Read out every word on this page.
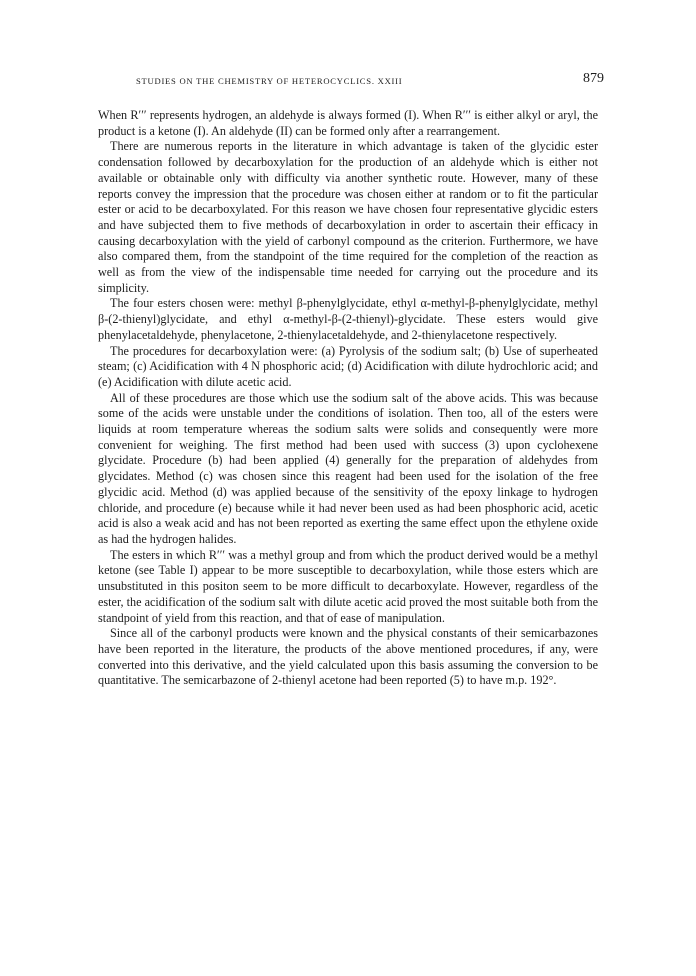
STUDIES ON THE CHEMISTRY OF HETEROCYCLICS. XXIII	879

When R′′′ represents hydrogen, an aldehyde is always formed (I). When R′′′ is either alkyl or aryl, the product is a ketone (I). An aldehyde (II) can be formed only after a rearrangement.

There are numerous reports in the literature in which advantage is taken of the glycidic ester condensation followed by decarboxylation for the production of an aldehyde which is either not available or obtainable only with difficulty via another synthetic route. However, many of these reports convey the impression that the procedure was chosen either at random or to fit the particular ester or acid to be decarboxylated. For this reason we have chosen four representative glycidic esters and have subjected them to five methods of decarboxylation in order to ascertain their efficacy in causing decarboxylation with the yield of carbonyl compound as the criterion. Furthermore, we have also compared them, from the standpoint of the time required for the completion of the reaction as well as from the view of the indispensable time needed for carrying out the procedure and its simplicity.

The four esters chosen were: methyl β-phenylglycidate, ethyl α-methyl-β-phenylglycidate, methyl β-(2-thienyl)glycidate, and ethyl α-methyl-β-(2-thienyl)-glycidate. These esters would give phenylacetaldehyde, phenylacetone, 2-thienylacetaldehyde, and 2-thienylacetone respectively.

The procedures for decarboxylation were: (a) Pyrolysis of the sodium salt; (b) Use of superheated steam; (c) Acidification with 4 N phosphoric acid; (d) Acidification with dilute hydrochloric acid; and (e) Acidification with dilute acetic acid.

All of these procedures are those which use the sodium salt of the above acids. This was because some of the acids were unstable under the conditions of isolation. Then too, all of the esters were liquids at room temperature whereas the sodium salts were solids and consequently were more convenient for weighing. The first method had been used with success (3) upon cyclohexene glycidate. Procedure (b) had been applied (4) generally for the preparation of aldehydes from glycidates. Method (c) was chosen since this reagent had been used for the isolation of the free glycidic acid. Method (d) was applied because of the sensitivity of the epoxy linkage to hydrogen chloride, and procedure (e) because while it had never been used as had been phosphoric acid, acetic acid is also a weak acid and has not been reported as exerting the same effect upon the ethylene oxide as had the hydrogen halides.

The esters in which R′′′ was a methyl group and from which the product derived would be a methyl ketone (see Table I) appear to be more susceptible to decarboxylation, while those esters which are unsubstituted in this positon seem to be more difficult to decarboxylate. However, regardless of the ester, the acidification of the sodium salt with dilute acetic acid proved the most suitable both from the standpoint of yield from this reaction, and that of ease of manipulation.

Since all of the carbonyl products were known and the physical constants of their semicarbazones have been reported in the literature, the products of the above mentioned procedures, if any, were converted into this derivative, and the yield calculated upon this basis assuming the conversion to be quantitative. The semicarbazone of 2-thienyl acetone had been reported (5) to have m.p. 192°.
